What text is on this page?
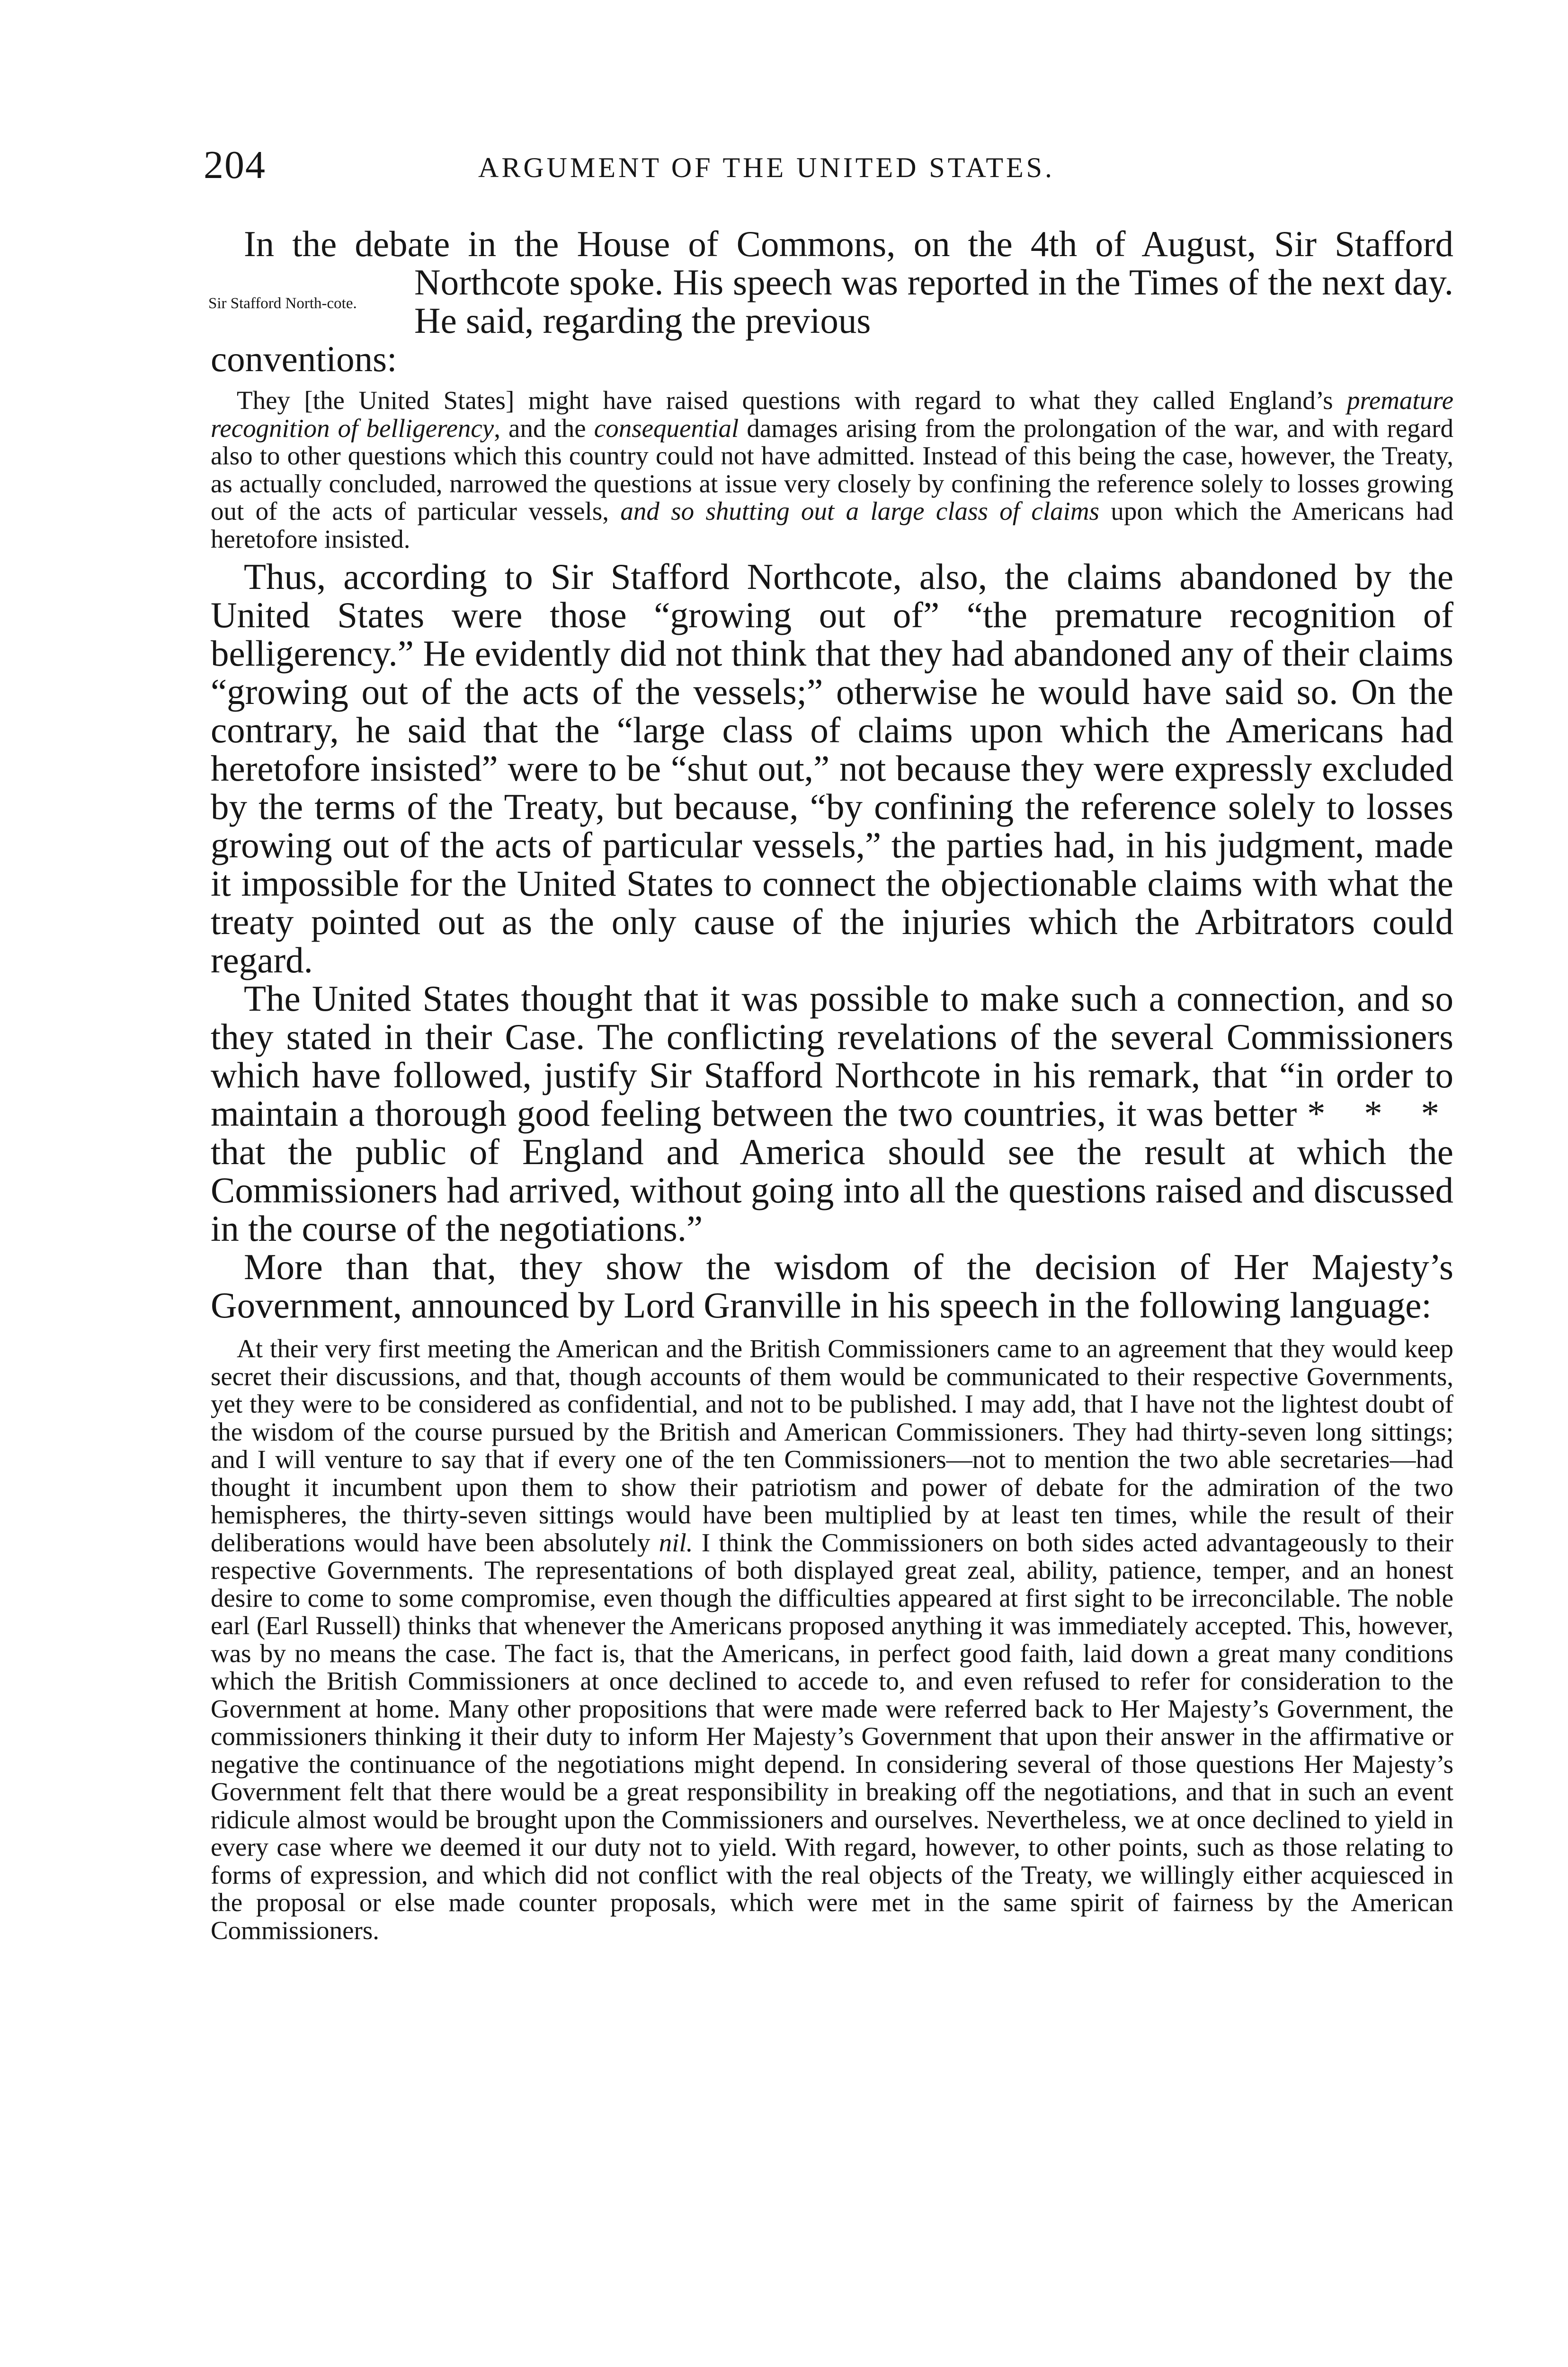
204	ARGUMENT OF THE UNITED STATES.
Sir Stafford North-cote.

In the debate in the House of Commons, on the 4th of August, Sir Stafford Northcote spoke. His speech was reported in the Times of the next day. He said, regarding the previous

conventions:

They [the United States] might have raised questions with regard to what they called England’s premature recognition of belligerency, and the consequential damages arising from the prolongation of the war, and with regard also to other questions which this country could not have admitted. Instead of this being the case, however, the Treaty, as actually concluded, narrowed the questions at issue very closely by confining the reference solely to losses growing out of the acts of particular vessels, and so shutting out a large class of claims upon which the Americans had heretofore insisted.

Thus, according to Sir Stafford Northcote, also, the claims abandoned by the United States were those “growing out of” “the premature recognition of belligerency.” He evidently did not think that they had abandoned any of their claims “growing out of the acts of the vessels;” otherwise he would have said so. On the contrary, he said that the “large class of claims upon which the Americans had heretofore insisted” were to be “shut out,” not because they were expressly excluded by the terms of the Treaty, but because, “by confining the reference solely to losses growing out of the acts of particular vessels,” the parties had, in his judgment, made it impossible for the United States to connect the objectionable claims with what the treaty pointed out as the only cause of the injuries which the Arbitrators could regard.

The United States thought that it was possible to make such a connection, and so they stated in their Case. The conflicting revelations of the several Commissioners which have followed, justify Sir Stafford Northcote in his remark, that “in order to maintain a thorough good feeling between the two countries, it was better * * * that the public of England and America should see the result at which the Commissioners had arrived, without going into all the questions raised and discussed in the course of the negotiations.”

More than that, they show the wisdom of the decision of Her Majesty’s Government, announced by Lord Granville in his speech in the following language:

At their very first meeting the American and the British Commissioners came to an agreement that they would keep secret their discussions, and that, though accounts of them would be communicated to their respective Governments, yet they were to be considered as confidential, and not to be published. I may add, that I have not the lightest doubt of the wisdom of the course pursued by the British and American Commissioners. They had thirty-seven long sittings; and I will venture to say that if every one of the ten Commissioners—not to mention the two able secretaries—had thought it incumbent upon them to show their patriotism and power of debate for the admiration of the two hemispheres, the thirty-seven sittings would have been multiplied by at least ten times, while the result of their deliberations would have been absolutely nil. I think the Commissioners on both sides acted advantageously to their respective Governments. The representations of both displayed great zeal, ability, patience, temper, and an honest desire to come to some compromise, even though the difficulties appeared at first sight to be irreconcilable. The noble earl (Earl Russell) thinks that whenever the Americans proposed anything it was immediately accepted. This, however, was by no means the case. The fact is, that the Americans, in perfect good faith, laid down a great many conditions which the British Commissioners at once declined to accede to, and even refused to refer for consideration to the Government at home. Many other propositions that were made were referred back to Her Majesty’s Government, the commissioners thinking it their duty to inform Her Majesty’s Government that upon their answer in the affirmative or negative the continuance of the negotiations might depend. In considering several of those questions Her Majesty’s Government felt that there would be a great responsibility in breaking off the negotiations, and that in such an event ridicule almost would be brought upon the Commissioners and ourselves. Nevertheless, we at once declined to yield in every case where we deemed it our duty not to yield. With regard, however, to other points, such as those relating to forms of expression, and which did not conflict with the real objects of the Treaty, we willingly either acquiesced in the proposal or else made counter proposals, which were met in the same spirit of fairness by the American Commissioners.
